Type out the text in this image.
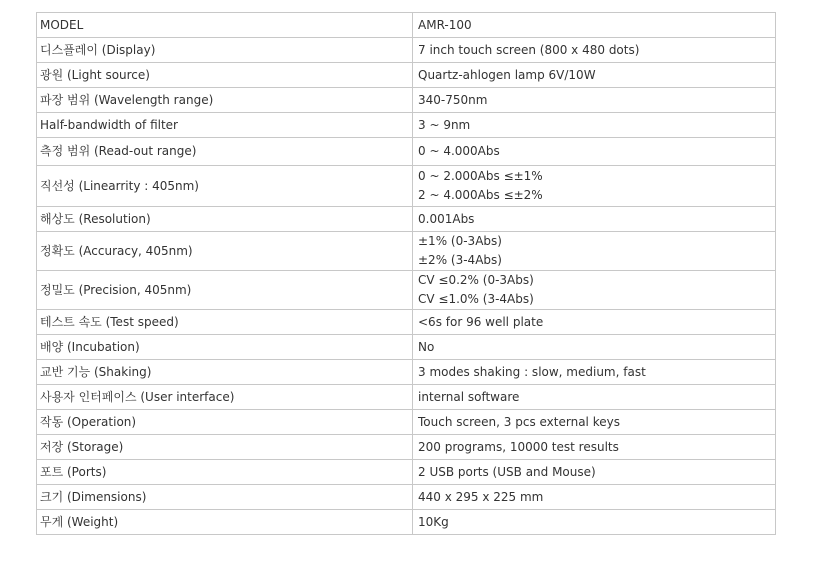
MODEL	AMR-100
디스플레이 (Display)	7 inch touch screen (800 x 480 dots)
광원 (Light source)	Quartz-ahlogen lamp 6V/10W
파장 범위 (Wavelength range)	340-750nm
Half-bandwidth of filter	3 ~ 9nm
측정 범위 (Read-out range)	0 ~ 4.000Abs
직선성 (Linearrity : 405nm)	0 ~ 2.000Abs ≤±1%
2 ~ 4.000Abs ≤±2%

해상도 (Resolution)	0.001Abs
정확도 (Accuracy, 405nm)	±1% (0-3Abs)
±2% (3-4Abs)

정밀도 (Precision, 405nm)	CV ≤0.2% (0-3Abs)
CV ≤1.0% (3-4Abs)

테스트 속도 (Test speed)	<6s for 96 well plate
배양 (Incubation)	No
교반 기능 (Shaking)	3 modes shaking : slow, medium, fast
사용자 인터페이스 (User interface)	internal software
작동 (Operation)	Touch screen, 3 pcs external keys
저장 (Storage)	200 programs, 10000 test results
포트 (Ports)	2 USB ports (USB and Mouse)
크기 (Dimensions)	440 x 295 x 225 mm
무게 (Weight)	10Kg
